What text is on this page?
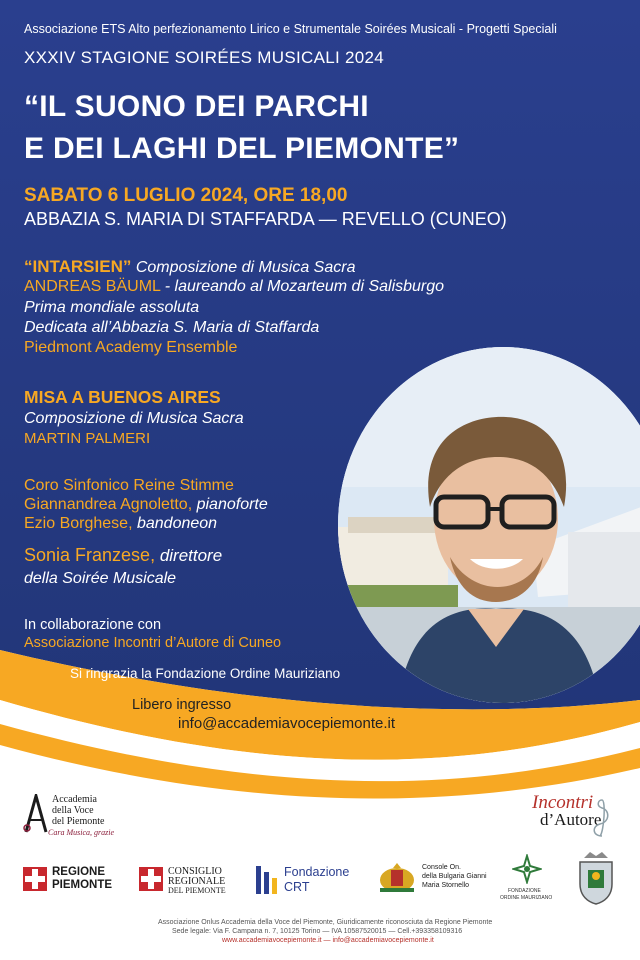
Associazione ETS Alto perfezionamento Lirico e Strumentale Soirées Musicali - Progetti Speciali
XXXIV STAGIONE SOIRÉES MUSICALI 2024
“IL SUONO DEI PARCHI
E DEI LAGHI DEL PIEMONTE”
SABATO 6 LUGLIO 2024, ORE 18,00
ABBAZIA S. MARIA DI STAFFARDA — REVELLO (CUNEO)
“INTARSIEN” Composizione di Musica Sacra
ANDREAS BÄUML - laureando al Mozarteum di Salisburgo
Prima mondiale assoluta
Dedicata all’Abbazia S. Maria di Staffarda
Piedmont Academy Ensemble
MISA A BUENOS AIRES
Composizione di Musica Sacra
MARTIN PALMERI
Coro Sinfonico Reine Stimme
Giannandrea Agnoletto, pianoforte
Ezio Borghese, bandoneon
Sonia Franzese, direttore
della Soirée Musicale
In collaborazione con
Associazione Incontri d’Autore di Cuneo
Si ringrazia la Fondazione Ordine Mauriziano
Libero ingresso
info@accademiavocepiemonte.it
Accademia
della Voce
del Piemonte
Cara Musica, grazie
Incontri
d’Autore
REGIONE
PIEMONTE
CONSIGLIO
REGIONALE
DEL PIEMONTE
Fondazione
CRT
Console On.
della Bulgaria Gianni
Maria Stornello
FONDAZIONE
ORDINE MAURIZIANO
Associazione Onlus Accademia della Voce del Piemonte, Giuridicamente riconosciuta da Regione Piemonte
Sede legale: Via F. Campana n. 7, 10125 Torino — IVA 10587520015 — Cell.+393358109316
www.accademiavocepiemonte.it — info@accademiavocepiemonte.it
